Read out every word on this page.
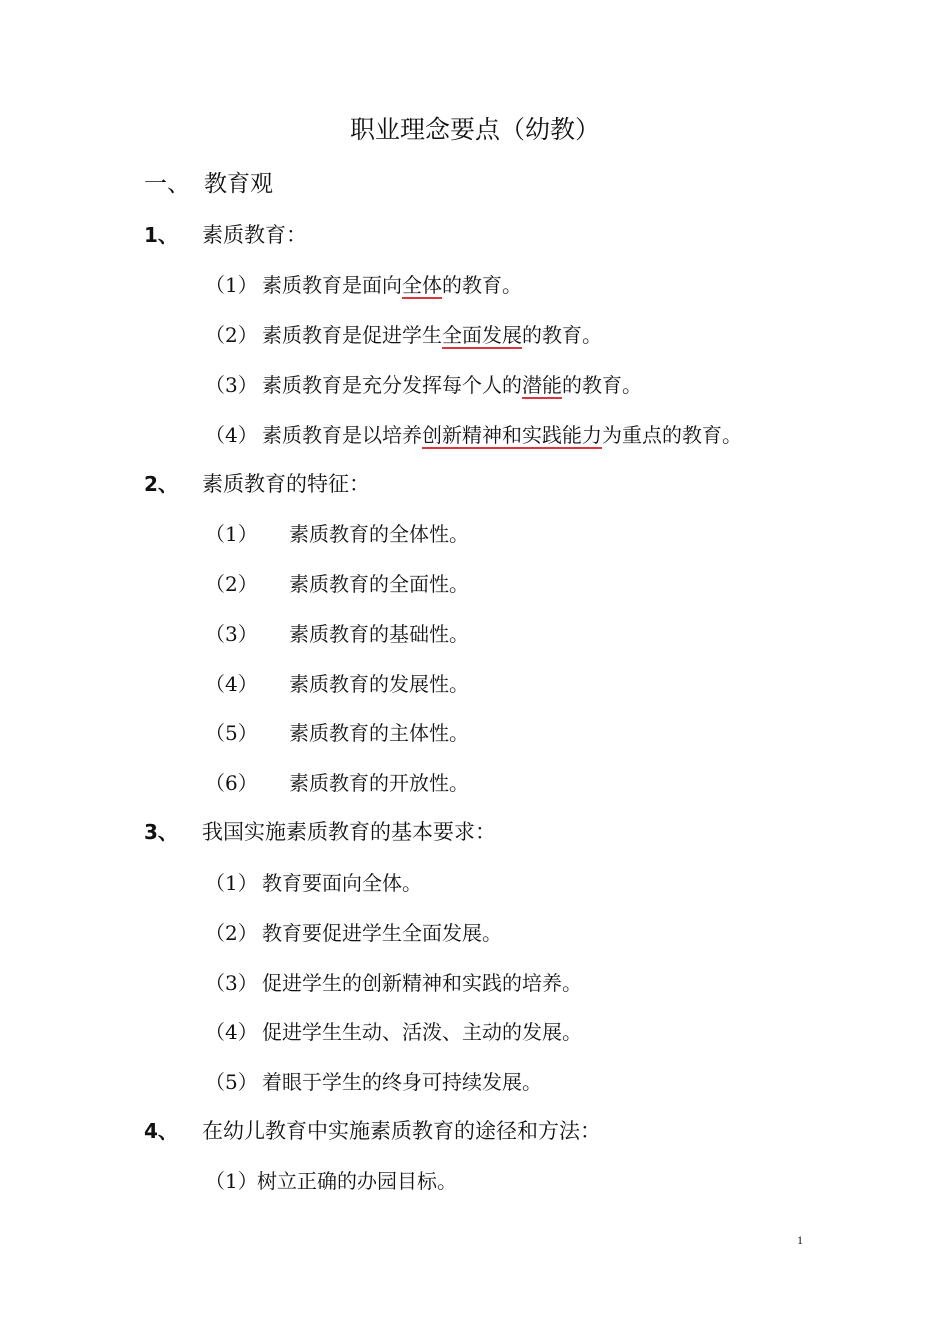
职业理念要点（幼教）
一、 教育观
1、 素质教育：
（1） 素质教育是面向全体的教育。
（2） 素质教育是促进学生全面发展的教育。
（3） 素质教育是充分发挥每个人的潜能的教育。
（4） 素质教育是以培养创新精神和实践能力为重点的教育。
2、 素质教育的特征：
（1） 素质教育的全体性。
（2） 素质教育的全面性。
（3） 素质教育的基础性。
（4） 素质教育的发展性。
（5） 素质教育的主体性。
（6） 素质教育的开放性。
3、 我国实施素质教育的基本要求：
（1） 教育要面向全体。
（2） 教育要促进学生全面发展。
（3） 促进学生的创新精神和实践的培养。
（4） 促进学生生动、活泼、主动的发展。
（5） 着眼于学生的终身可持续发展。
4、 在幼儿教育中实施素质教育的途径和方法：
（1）树立正确的办园目标。
1
